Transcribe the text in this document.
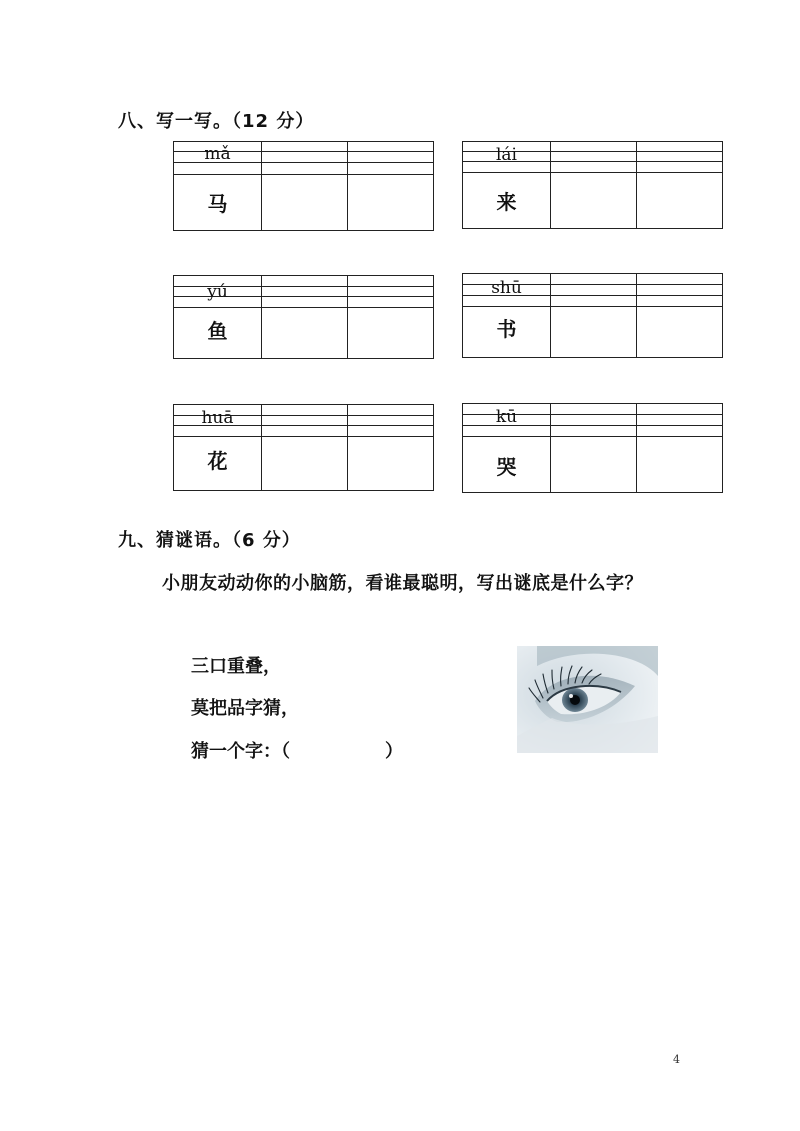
八、写一写。（12 分）
mǎ
马
lái
来
yú
鱼
shū
书
huā
花
kū
哭
九、猜谜语。（6 分）
小朋友动动你的小脑筋，看谁最聪明，写出谜底是什么字？
三口重叠，
莫把品字猜，
猜一个字：（	）
4
